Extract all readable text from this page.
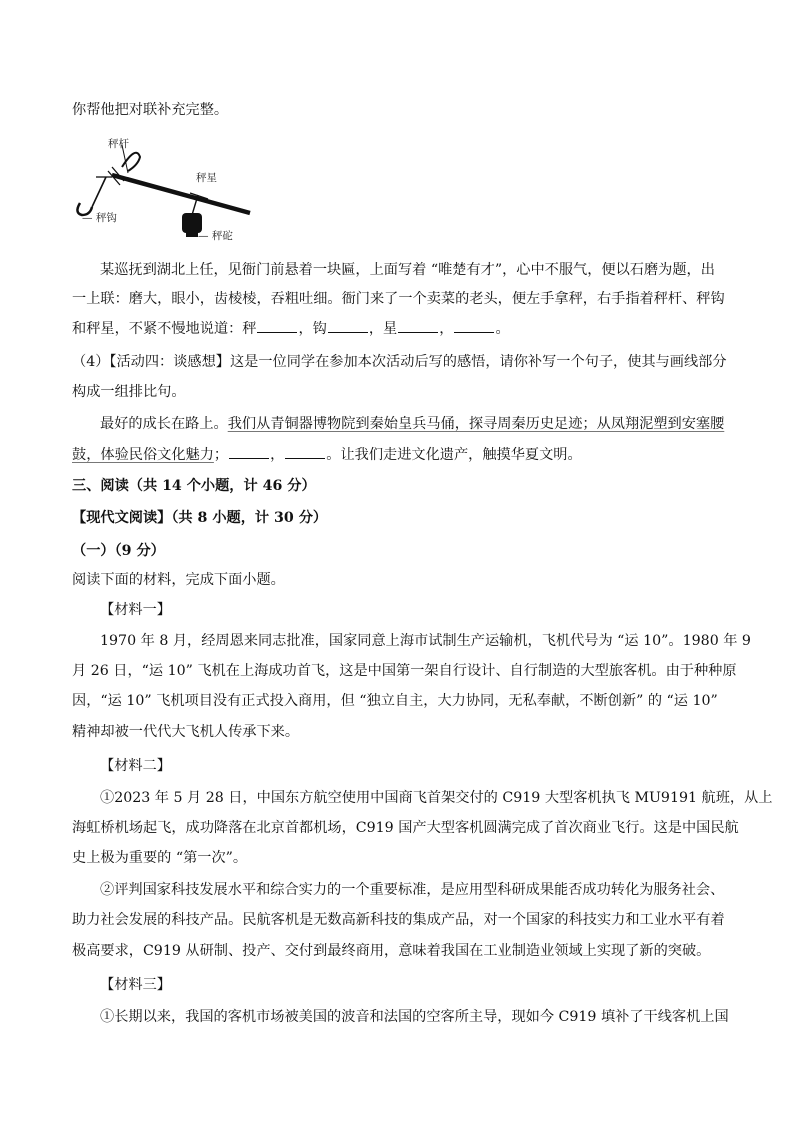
你帮他把对联补充完整。
秤杆
秤星
— 秤钩
— 秤砣
某巡抚到湖北上任，见衙门前悬着一块匾，上面写着 “唯楚有才”，心中不服气，便以石磨为题，出
一上联：磨大，眼小，齿棱棱，吞粗吐细。衙门来了一个卖菜的老头，便左手拿秤，右手指着秤杆、秤钩
和秤星，不紧不慢地说道：秤	，钩	，星	，	。
（4）【活动四：谈感想】这是一位同学在参加本次活动后写的感悟，请你补写一个句子，使其与画线部分
构成一组排比句。
最好的成长在路上。我们从青铜器博物院到秦始皇兵马俑，探寻周秦历史足迹；从凤翔泥塑到安塞腰
鼓，体验民俗文化魅力；	，	。让我们走进文化遗产，触摸华夏文明。
三、阅读（共 14 个小题，计 46 分）
【现代文阅读】（共 8 小题，计 30 分）
（一）（9 分）
阅读下面的材料，完成下面小题。
【材料一】
1970 年 8 月，经周恩来同志批准，国家同意上海市试制生产运输机，飞机代号为 “运 10”。1980 年 9
月 26 日，“运 10” 飞机在上海成功首飞，这是中国第一架自行设计、自行制造的大型旅客机。由于种种原
因，“运 10” 飞机项目没有正式投入商用，但 “独立自主，大力协同，无私奉献，不断创新” 的 “运 10”
精神却被一代代大飞机人传承下来。
【材料二】
①2023 年 5 月 28 日，中国东方航空使用中国商飞首架交付的 C919 大型客机执飞 MU9191 航班，从上
海虹桥机场起飞，成功降落在北京首都机场，C919 国产大型客机圆满完成了首次商业飞行。这是中国民航
史上极为重要的 “第一次”。
②评判国家科技发展水平和综合实力的一个重要标准，是应用型科研成果能否成功转化为服务社会、
助力社会发展的科技产品。民航客机是无数高新科技的集成产品，对一个国家的科技实力和工业水平有着
极高要求，C919 从研制、投产、交付到最终商用，意味着我国在工业制造业领域上实现了新的突破。
【材料三】
①长期以来，我国的客机市场被美国的波音和法国的空客所主导，现如今 C919 填补了干线客机上国
